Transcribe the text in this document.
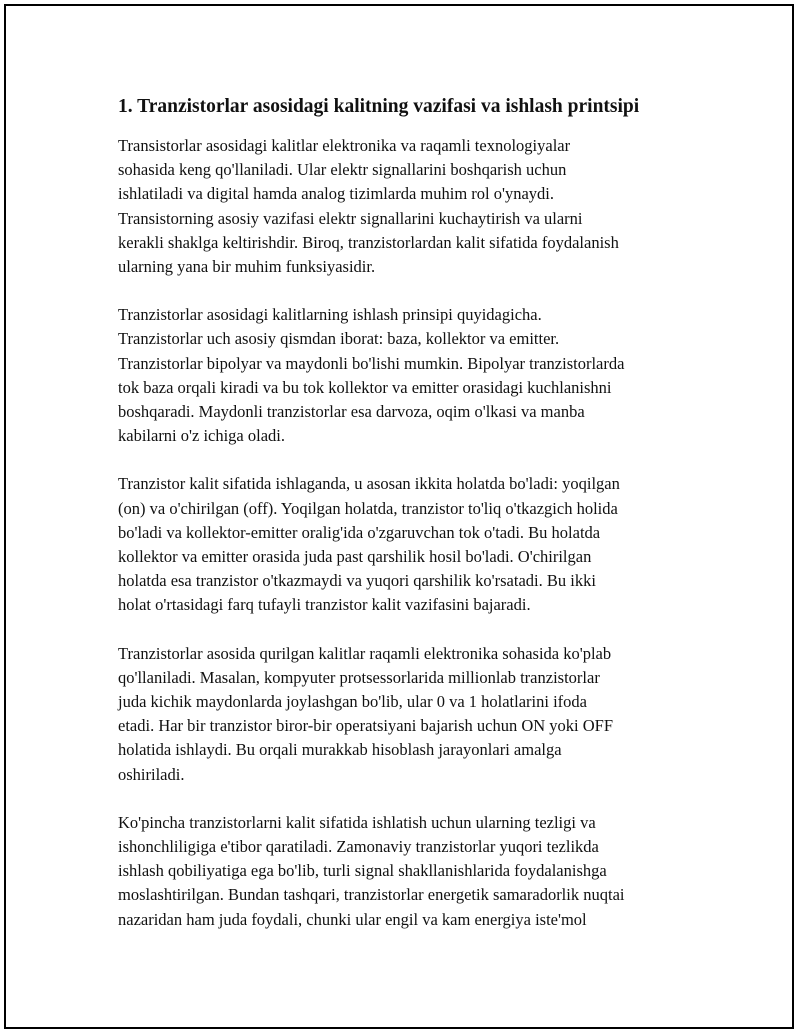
1. Tranzistorlar asosidagi kalitning vazifasi va ishlash printsipi
Transistorlar asosidagi kalitlar elektronika va raqamli texnologiyalar
sohasida keng qo'llaniladi. Ular elektr signallarini boshqarish uchun
ishlatiladi va digital hamda analog tizimlarda muhim rol o'ynaydi.
Transistorning asosiy vazifasi elektr signallarini kuchaytirish va ularni
kerakli shaklga keltirishdir. Biroq, tranzistorlardan kalit sifatida foydalanish
ularning yana bir muhim funksiyasidir.
Tranzistorlar asosidagi kalitlarning ishlash prinsipi quyidagicha.
Tranzistorlar uch asosiy qismdan iborat: baza, kollektor va emitter.
Tranzistorlar bipolyar va maydonli bo'lishi mumkin. Bipolyar tranzistorlarda
tok baza orqali kiradi va bu tok kollektor va emitter orasidagi kuchlanishni
boshqaradi. Maydonli tranzistorlar esa darvoza, oqim o'lkasi va manba
kabilarni o'z ichiga oladi.
Tranzistor kalit sifatida ishlaganda, u asosan ikkita holatda bo'ladi: yoqilgan
(on) va o'chirilgan (off). Yoqilgan holatda, tranzistor to'liq o'tkazgich holida
bo'ladi va kollektor-emitter oralig'ida o'zgaruvchan tok o'tadi. Bu holatda
kollektor va emitter orasida juda past qarshilik hosil bo'ladi. O'chirilgan
holatda esa tranzistor o'tkazmaydi va yuqori qarshilik ko'rsatadi. Bu ikki
holat o'rtasidagi farq tufayli tranzistor kalit vazifasini bajaradi.
Tranzistorlar asosida qurilgan kalitlar raqamli elektronika sohasida ko'plab
qo'llaniladi. Masalan, kompyuter protsessorlarida millionlab tranzistorlar
juda kichik maydonlarda joylashgan bo'lib, ular 0 va 1 holatlarini ifoda
etadi. Har bir tranzistor biror-bir operatsiyani bajarish uchun ON yoki OFF
holatida ishlaydi. Bu orqali murakkab hisoblash jarayonlari amalga
oshiriladi.
Ko'pincha tranzistorlarni kalit sifatida ishlatish uchun ularning tezligi va
ishonchliligiga e'tibor qaratiladi. Zamonaviy tranzistorlar yuqori tezlikda
ishlash qobiliyatiga ega bo'lib, turli signal shakllanishlarida foydalanishga
moslashtirilgan. Bundan tashqari, tranzistorlar energetik samaradorlik nuqtai
nazaridan ham juda foydali, chunki ular engil va kam energiya iste'mol
